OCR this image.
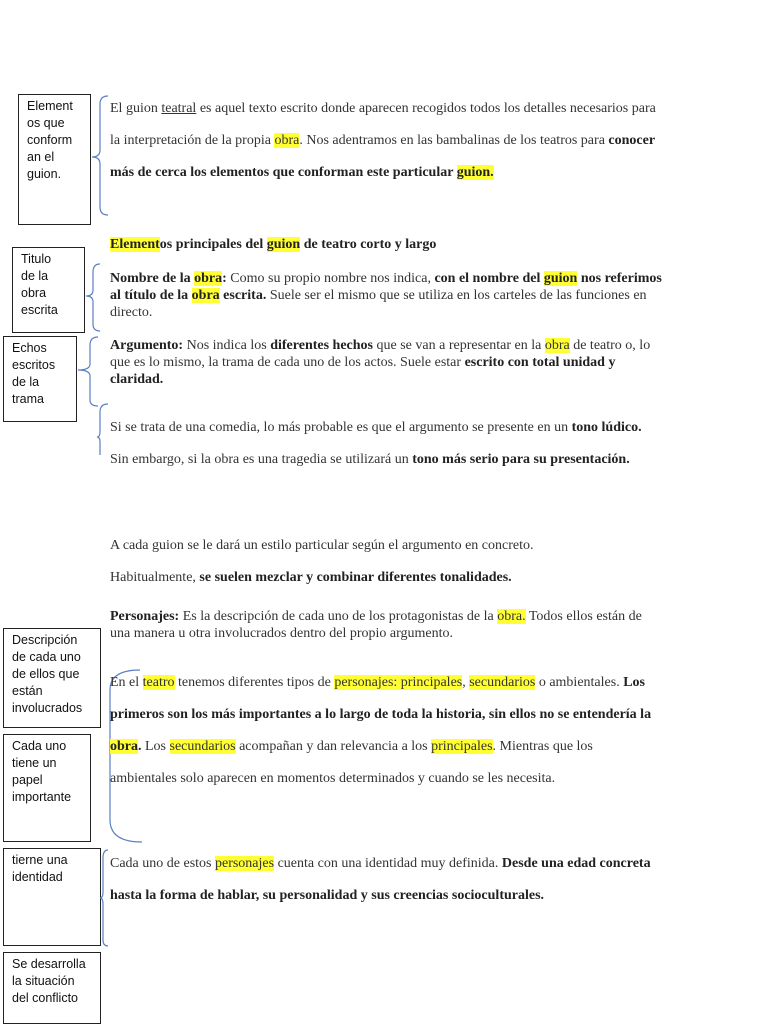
Element
os que
conform
an el
guion.
Titulo
de la
obra
escrita
Echos
escritos
de la
trama
Descripción
de cada uno
de ellos que
están
involucrados
Cada uno
tiene un
papel
importante
tierne una
identidad
Se desarrolla
la situación
del conflicto
El guion teatral es aquel texto escrito donde aparecen recogidos todos los detalles necesarios para la interpretación de la propia obra. Nos adentramos en las bambalinas de los teatros para conocer más de cerca los elementos que conforman este particular guion.
Elementos principales del guion de teatro corto y largo
Nombre de la obra: Como su propio nombre nos indica, con el nombre del guion nos referimos al título de la obra escrita. Suele ser el mismo que se utiliza en los carteles de las funciones en directo.
Argumento: Nos indica los diferentes hechos que se van a representar en la obra de teatro o, lo que es lo mismo, la trama de cada uno de los actos. Suele estar escrito con total unidad y claridad.
Si se trata de una comedia, lo más probable es que el argumento se presente en un tono lúdico. Sin embargo, si la obra es una tragedia se utilizará un tono más serio para su presentación.
A cada guion se le dará un estilo particular según el argumento en concreto.
Habitualmente, se suelen mezclar y combinar diferentes tonalidades.
Personajes: Es la descripción de cada uno de los protagonistas de la obra. Todos ellos están de una manera u otra involucrados dentro del propio argumento.
En el teatro tenemos diferentes tipos de personajes: principales, secundarios o ambientales. Los primeros son los más importantes a lo largo de toda la historia, sin ellos no se entendería la obra. Los secundarios acompañan y dan relevancia a los principales. Mientras que los ambientales solo aparecen en momentos determinados y cuando se les necesita.
Cada uno de estos personajes cuenta con una identidad muy definida. Desde una edad concreta hasta la forma de hablar, su personalidad y sus creencias socioculturales.
